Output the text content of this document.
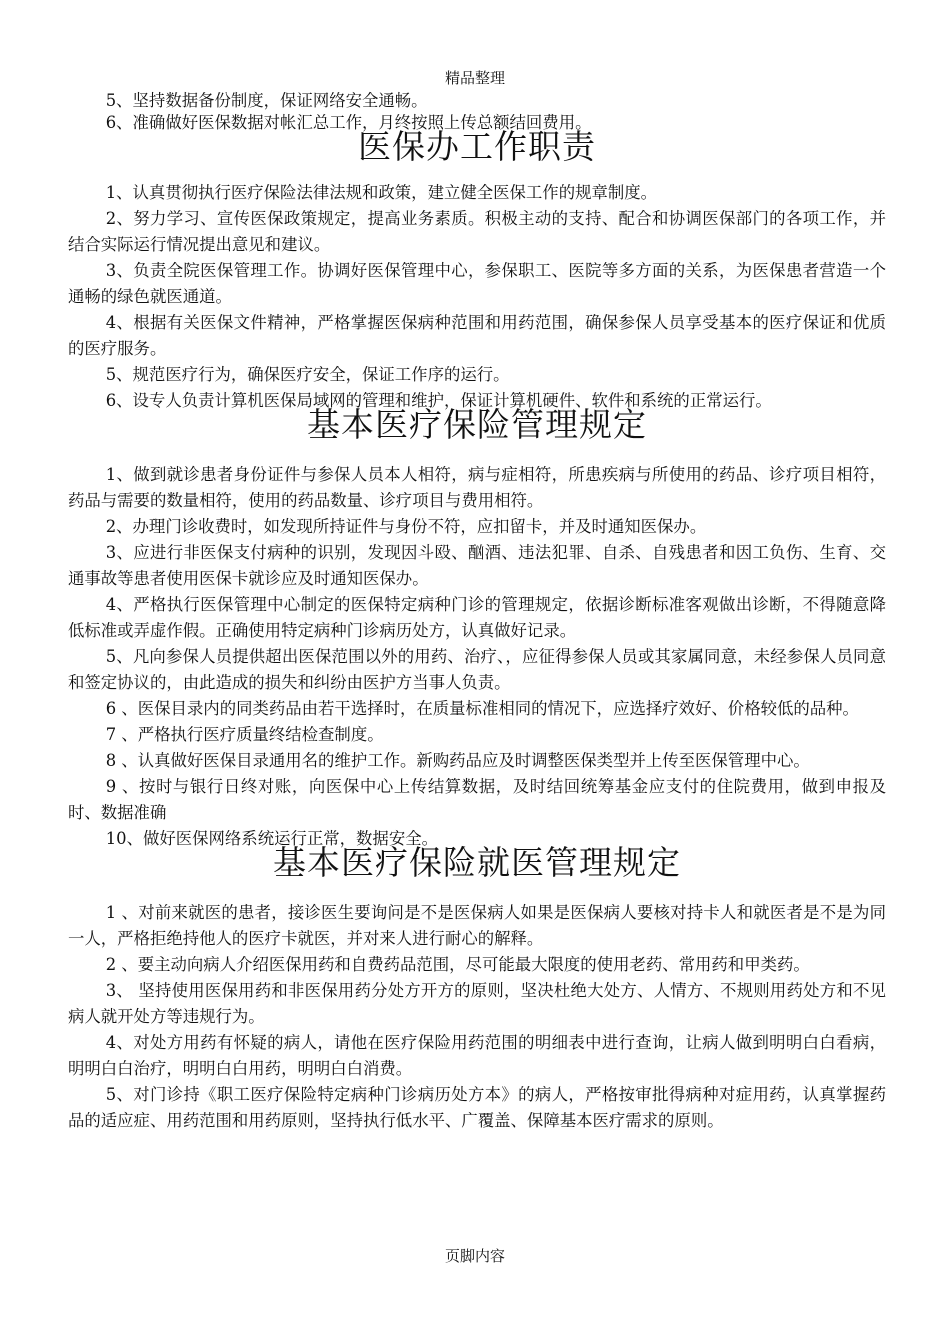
精品整理

5、坚持数据备份制度，保证网络安全通畅。

6、准确做好医保数据对帐汇总工作，月终按照上传总额结回费用。

医保办工作职责

1、认真贯彻执行医疗保险法律法规和政策，建立健全医保工作的规章制度。

2、努力学习、宣传医保政策规定，提高业务素质。积极主动的支持、配合和协调医保部门的各项工作，并结合实际运行情况提出意见和建议。

3、负责全院医保管理工作。协调好医保管理中心，参保职工、医院等多方面的关系，为医保患者营造一个通畅的绿色就医通道。

4、根据有关医保文件精神，严格掌握医保病种范围和用药范围，确保参保人员享受基本的医疗保证和优质的医疗服务。

5、规范医疗行为，确保医疗安全，保证工作序的运行。

6、设专人负责计算机医保局域网的管理和维护，保证计算机硬件、软件和系统的正常运行。

基本医疗保险管理规定

1、做到就诊患者身份证件与参保人员本人相符，病与症相符，所患疾病与所使用的药品、诊疗项目相符，药品与需要的数量相符，使用的药品数量、诊疗项目与费用相符。

2、办理门诊收费时，如发现所持证件与身份不符，应扣留卡，并及时通知医保办。

3、应进行非医保支付病种的识别，发现因斗殴、酗酒、违法犯罪、自杀、自残患者和因工负伤、生育、交通事故等患者使用医保卡就诊应及时通知医保办。

4、严格执行医保管理中心制定的医保特定病种门诊的管理规定，依据诊断标准客观做出诊断，不得随意降低标准或弄虚作假。正确使用特定病种门诊病历处方，认真做好记录。

5、凡向参保人员提供超出医保范围以外的用药、治疗、，应征得参保人员或其家属同意，未经参保人员同意和签定协议的，由此造成的损失和纠纷由医护方当事人负责。

6 、医保目录内的同类药品由若干选择时，在质量标准相同的情况下，应选择疗效好、价格较低的品种。

7 、严格执行医疗质量终结检查制度。

8 、认真做好医保目录通用名的维护工作。新购药品应及时调整医保类型并上传至医保管理中心。

9 、按时与银行日终对账，向医保中心上传结算数据，及时结回统筹基金应支付的住院费用，做到申报及时、数据准确

10、做好医保网络系统运行正常，数据安全。

基本医疗保险就医管理规定

1 、对前来就医的患者，接诊医生要询问是不是医保病人如果是医保病人要核对持卡人和就医者是不是为同一人，严格拒绝持他人的医疗卡就医，并对来人进行耐心的解释。

2 、要主动向病人介绍医保用药和自费药品范围，尽可能最大限度的使用老药、常用药和甲类药。

3、 坚持使用医保用药和非医保用药分处方开方的原则，坚决杜绝大处方、人情方、不规则用药处方和不见病人就开处方等违规行为。

4、对处方用药有怀疑的病人，请他在医疗保险用药范围的明细表中进行查询，让病人做到明明白白看病，明明白白治疗，明明白白用药，明明白白消费。

5、对门诊持《职工医疗保险特定病种门诊病历处方本》的病人，严格按审批得病种对症用药，认真掌握药品的适应症、用药范围和用药原则，坚持执行低水平、广覆盖、保障基本医疗需求的原则。

页脚内容
